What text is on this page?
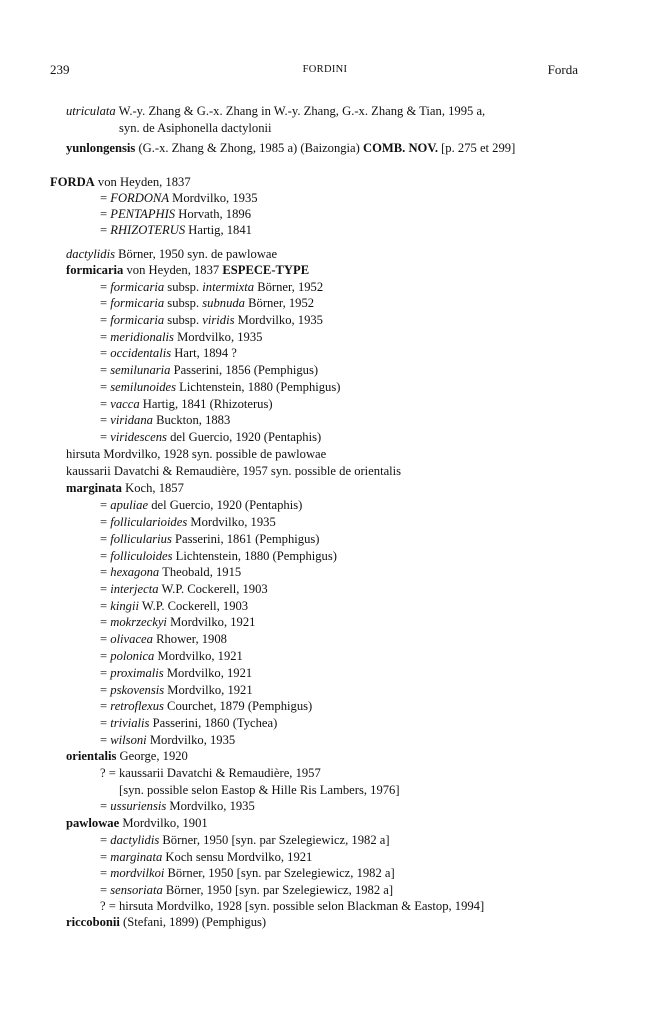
239	FORDINI	Forda
utriculata W.-y. Zhang & G.-x. Zhang in W.-y. Zhang, G.-x. Zhang & Tian, 1995 a,
syn. de Asiphonella dactylonii
yunlongensis (G.-x. Zhang & Zhong, 1985 a) (Baizongia) COMB. NOV. [p. 275 et 299]
FORDA von Heyden, 1837
= FORDONA Mordvilko, 1935
= PENTAPHIS Horvath, 1896
= RHIZOTERUS Hartig, 1841
dactylidis Börner, 1950 syn. de pawlowae
formicaria von Heyden, 1837 ESPECE-TYPE
= formicaria subsp. intermixta Börner, 1952
= formicaria subsp. subnuda Börner, 1952
= formicaria subsp. viridis Mordvilko, 1935
= meridionalis Mordvilko, 1935
= occidentalis Hart, 1894 ?
= semilunaria Passerini, 1856 (Pemphigus)
= semilunoides Lichtenstein, 1880 (Pemphigus)
= vacca Hartig, 1841 (Rhizoterus)
= viridana Buckton, 1883
= viridescens del Guercio, 1920 (Pentaphis)
hirsuta Mordvilko, 1928 syn. possible de pawlowae
kaussarii Davatchi & Remaudière, 1957 syn. possible de orientalis
marginata Koch, 1857
= apuliae del Guercio, 1920 (Pentaphis)
= follicularioides Mordvilko, 1935
= follicularius Passerini, 1861 (Pemphigus)
= folliculoides Lichtenstein, 1880 (Pemphigus)
= hexagona Theobald, 1915
= interjecta W.P. Cockerell, 1903
= kingii W.P. Cockerell, 1903
= mokrzeckyi Mordvilko, 1921
= olivacea Rhower, 1908
= polonica Mordvilko, 1921
= proximalis Mordvilko, 1921
= pskovensis Mordvilko, 1921
= retroflexus Courchet, 1879 (Pemphigus)
= trivialis Passerini, 1860 (Tychea)
= wilsoni Mordvilko, 1935
orientalis George, 1920
? = kaussarii Davatchi & Remaudière, 1957
[syn. possible selon Eastop & Hille Ris Lambers, 1976]
= ussuriensis Mordvilko, 1935
pawlowae Mordvilko, 1901
= dactylidis Börner, 1950 [syn. par Szelegiewicz, 1982 a]
= marginata Koch sensu Mordvilko, 1921
= mordvilkoi Börner, 1950 [syn. par Szelegiewicz, 1982 a]
= sensoriata Börner, 1950 [syn. par Szelegiewicz, 1982 a]
? = hirsuta Mordvilko, 1928 [syn. possible selon Blackman & Eastop, 1994]
riccobonii (Stefani, 1899) (Pemphigus)
